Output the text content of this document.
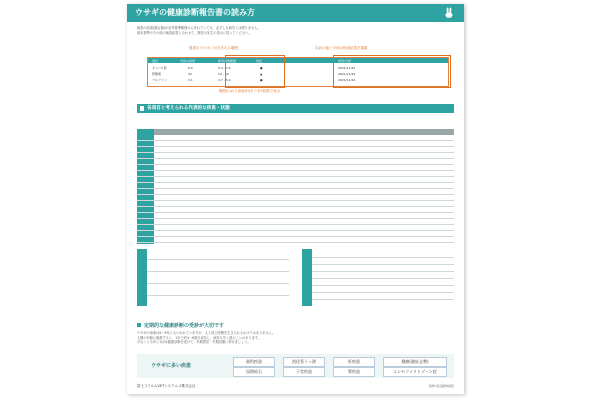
ウサギの健康診断報告書の読み方
検査の結果(測定値)が参考基準範囲から外れていても、必ずしも病気とは限りません。
基本基準やその他の検査結果と合わせて、獣医の先生の指示に従ってください。
健康な子の多くが含まれる範囲	以前の値と今回の検査結果を掲載
項目	今回の結果	参考基準範囲	判定	前回/今回
タンパク質	6.5	5.4 - 7.5	●	2021/11/22
肝酵素	42	14 - 80	▲	2021/11/22
アルブミン	3.1	2.7 - 5.0	●	2021/11/22
範囲(L)から高値(H)までを5段階で表示
各項目と考えられる代表的な疾患・状態
定期的な健康診断の受診が大切です
ウサギの寿命は5～9年ともいわれていますが、人と同じ時間を生きられるわけではありません。
人間の年齢に換算すると、1年で約4～6歳分成長し、病気も早く進むことがあります。
少なくとも年に1回は健康診断を受けて、早期発見・早期治療に努めましょう。
ウサギに多い疾患
歯科疾患	消化管うっ滞	肝疾患	腫瘍(避妊去勢)
尿路結石	子宮疾患	腎疾患	エンセファリトゾーン症
富士フイルムVETシステムズ株式会社	監修:東京動物病院
